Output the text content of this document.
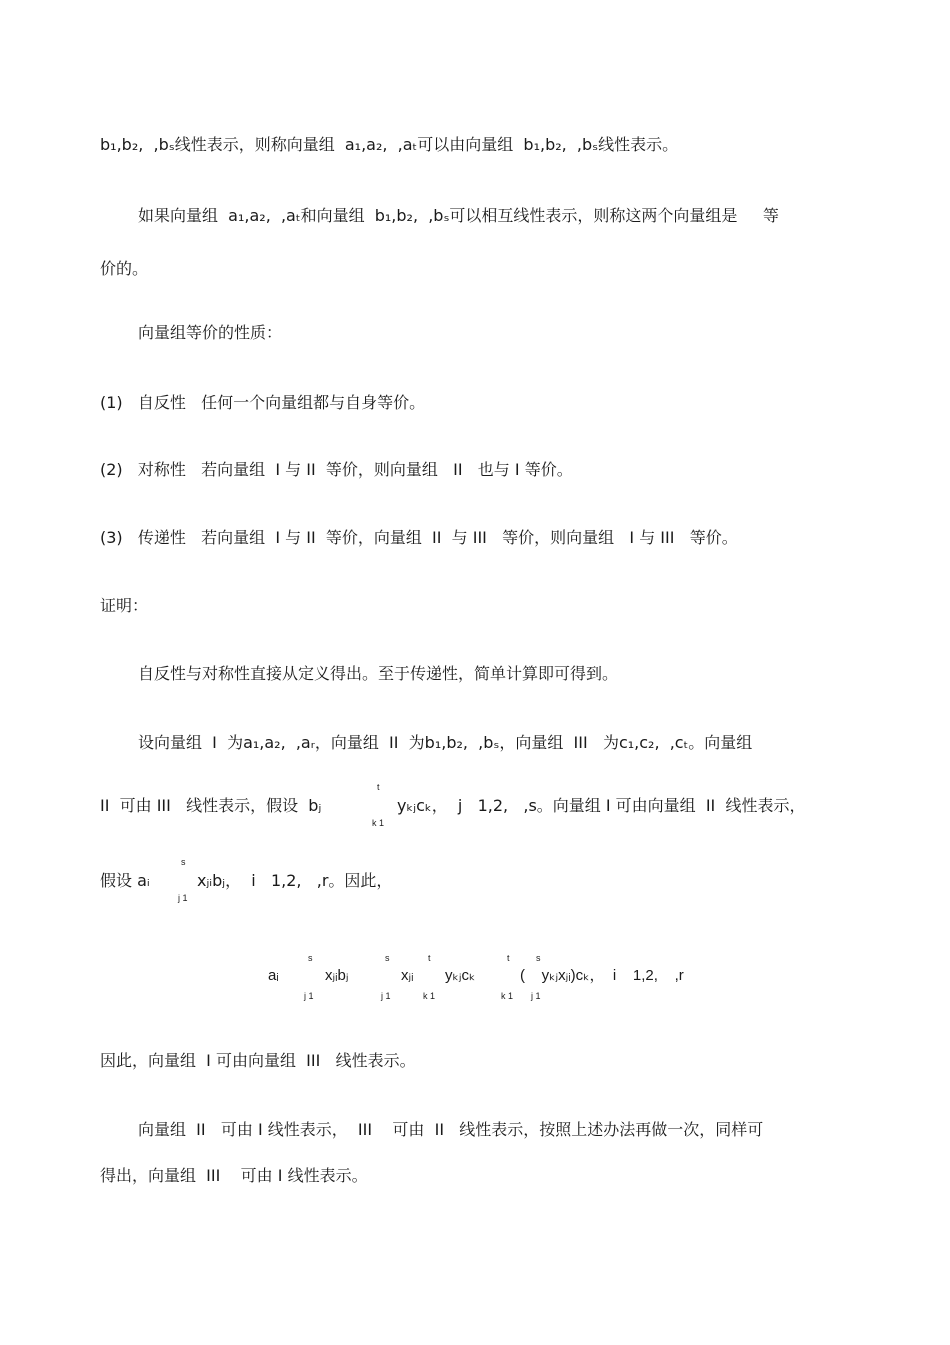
b₁,b₂,  ,bₛ线性表示，则称向量组  a₁,a₂,  ,aₜ可以由向量组  b₁,b₂,  ,bₛ线性表示。
如果向量组  a₁,a₂,  ,aₜ和向量组  b₁,b₂,  ,bₛ可以相互线性表示，则称这两个向量组是     等
价的。
向量组等价的性质：
(1)   自反性   任何一个向量组都与自身等价。
(2)   对称性   若向量组  I 与 II  等价，则向量组   II   也与 I 等价。
(3)   传递性   若向量组  I 与 II  等价，向量组  II  与 III   等价，则向量组   I 与 III   等价。
证明：
自反性与对称性直接从定义得出。至于传递性，简单计算即可得到。
设向量组  I  为a₁,a₂,  ,aᵣ，向量组  II  为b₁,b₂,  ,bₛ，向量组  III   为c₁,c₂,  ,cₜ。向量组
II  可由 III   线性表示，假设  bⱼ
t
k 1
yₖⱼcₖ，  j   1,2,   ,s。向量组 I 可由向量组  II  线性表示，
假设 aᵢ
s
j 1
xⱼᵢbⱼ，  i   1,2,   ,r。因此，
aᵢ
s
j 1
xⱼᵢbⱼ
s
j 1
xⱼᵢ
t
k 1
yₖⱼcₖ
t
k 1
s
j 1
(    yₖⱼxⱼᵢ)cₖ，  i    1,2,    ,r
因此，向量组  I 可由向量组  III   线性表示。
向量组  II   可由 I 线性表示，  III    可由  II   线性表示，按照上述办法再做一次，同样可
得出，向量组  III    可由 I 线性表示。
